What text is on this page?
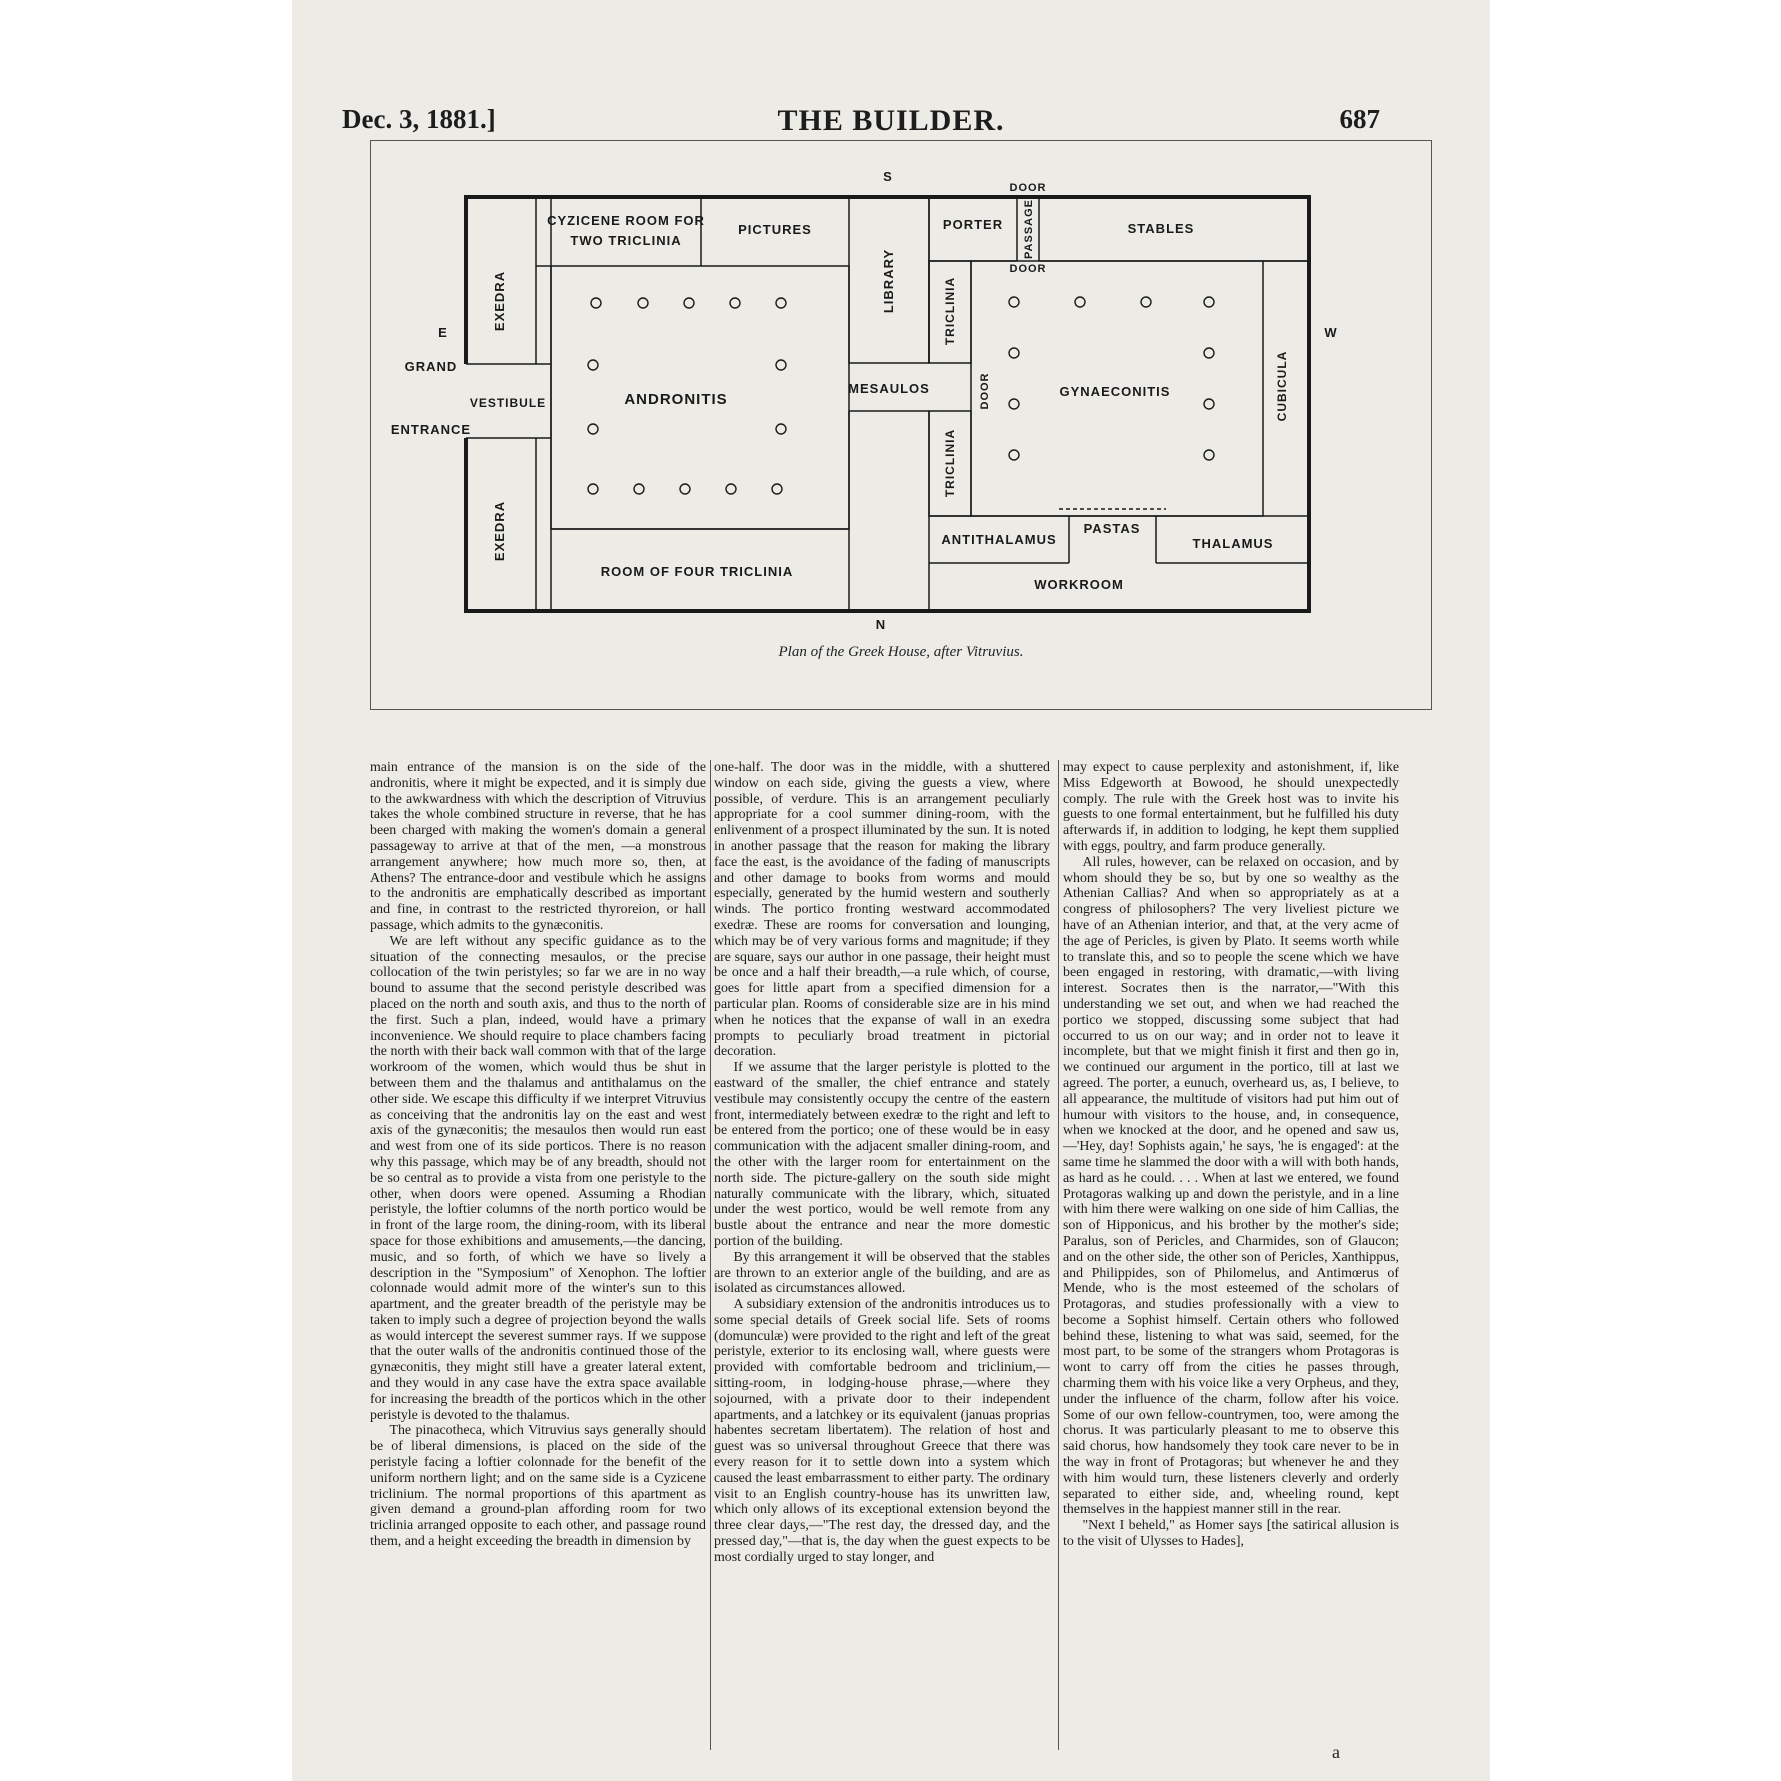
Dec. 3, 1881.]	THE BUILDER.	687
S
N
E	W
CYZICENE ROOM FOR
TWO TRICLINIA
PICTURES
LIBRARY
PORTER PASSAGE
DOOR
DOOR
STABLES
EXEDRA
EXEDRA
GRAND
VESTIBULE
ENTRANCE
ANDRONITIS
MESAULOS
TRICLINIA
TRICLINIA
DOOR	GYNAECONITIS	CUBICULA
ANTITHALAMUS
PASTAS
THALAMUS
ROOM OF FOUR TRICLINIA
WORKROOM
Plan of the Greek House, after Vitruvius.

main entrance of the mansion is on the side of the andronitis, where it might be expected, and it is simply due to the awkwardness with which the description of Vitruvius takes the whole combined structure in reverse, that he has been charged with making the women's domain a general passageway to arrive at that of the men, —a monstrous arrangement anywhere; how much more so, then, at Athens? The entrance-door and vestibule which he assigns to the andronitis are emphatically described as important and fine, in contrast to the restricted thyroreion, or hall passage, which admits to the gynæconitis.

We are left without any specific guidance as to the situation of the connecting mesaulos, or the precise collocation of the twin peristyles; so far we are in no way bound to assume that the second peristyle described was placed on the north and south axis, and thus to the north of the first. Such a plan, indeed, would have a primary inconvenience. We should require to place chambers facing the north with their back wall common with that of the large workroom of the women, which would thus be shut in between them and the thalamus and antithalamus on the other side. We escape this difficulty if we interpret Vitruvius as conceiving that the andronitis lay on the east and west axis of the gynæconitis; the mesaulos then would run east and west from one of its side porticos. There is no reason why this passage, which may be of any breadth, should not be so central as to provide a vista from one peristyle to the other, when doors were opened. Assuming a Rhodian peristyle, the loftier columns of the north portico would be in front of the large room, the dining-room, with its liberal space for those exhibitions and amusements,—the dancing, music, and so forth, of which we have so lively a description in the "Symposium" of Xenophon. The loftier colonnade would admit more of the winter's sun to this apartment, and the greater breadth of the peristyle may be taken to imply such a degree of projection beyond the walls as would intercept the severest summer rays. If we suppose that the outer walls of the andronitis continued those of the gynæconitis, they might still have a greater lateral extent, and they would in any case have the extra space available for increasing the breadth of the porticos which in the other peristyle is devoted to the thalamus.

The pinacotheca, which Vitruvius says generally should be of liberal dimensions, is placed on the side of the peristyle facing a loftier colonnade for the benefit of the uniform northern light; and on the same side is a Cyzicene triclinium. The normal proportions of this apartment as given demand a ground-plan affording room for two triclinia arranged opposite to each other, and passage round them, and a height exceeding the breadth in dimension by

one-half. The door was in the middle, with a shuttered window on each side, giving the guests a view, where possible, of verdure. This is an arrangement peculiarly appropriate for a cool summer dining-room, with the enlivenment of a prospect illuminated by the sun. It is noted in another passage that the reason for making the library face the east, is the avoidance of the fading of manuscripts and other damage to books from worms and mould especially, generated by the humid western and southerly winds. The portico fronting westward accommodated exedræ. These are rooms for conversation and lounging, which may be of very various forms and magnitude; if they are square, says our author in one passage, their height must be once and a half their breadth,—a rule which, of course, goes for little apart from a specified dimension for a particular plan. Rooms of considerable size are in his mind when he notices that the expanse of wall in an exedra prompts to peculiarly broad treatment in pictorial decoration.

If we assume that the larger peristyle is plotted to the eastward of the smaller, the chief entrance and stately vestibule may consistently occupy the centre of the eastern front, intermediately between exedræ to the right and left to be entered from the portico; one of these would be in easy communication with the adjacent smaller dining-room, and the other with the larger room for entertainment on the north side. The picture-gallery on the south side might naturally communicate with the library, which, situated under the west portico, would be well remote from any bustle about the entrance and near the more domestic portion of the building.

By this arrangement it will be observed that the stables are thrown to an exterior angle of the building, and are as isolated as circumstances allowed.

A subsidiary extension of the andronitis introduces us to some special details of Greek social life. Sets of rooms (domunculæ) were provided to the right and left of the great peristyle, exterior to its enclosing wall, where guests were provided with comfortable bedroom and triclinium,—sitting-room, in lodging-house phrase,—where they sojourned, with a private door to their independent apartments, and a latchkey or its equivalent (januas proprias habentes secretam libertatem). The relation of host and guest was so universal throughout Greece that there was every reason for it to settle down into a system which caused the least embarrassment to either party. The ordinary visit to an English country-house has its unwritten law, which only allows of its exceptional extension beyond the three clear days,—"The rest day, the dressed day, and the pressed day,"—that is, the day when the guest expects to be most cordially urged to stay longer, and

may expect to cause perplexity and astonishment, if, like Miss Edgeworth at Bowood, he should unexpectedly comply. The rule with the Greek host was to invite his guests to one formal entertainment, but he fulfilled his duty afterwards if, in addition to lodging, he kept them supplied with eggs, poultry, and farm produce generally.

All rules, however, can be relaxed on occasion, and by whom should they be so, but by one so wealthy as the Athenian Callias? And when so appropriately as at a congress of philosophers? The very liveliest picture we have of an Athenian interior, and that, at the very acme of the age of Pericles, is given by Plato. It seems worth while to translate this, and so to people the scene which we have been engaged in restoring, with dramatic,—with living interest. Socrates then is the narrator,—"With this understanding we set out, and when we had reached the portico we stopped, discussing some subject that had occurred to us on our way; and in order not to leave it incomplete, but that we might finish it first and then go in, we continued our argument in the portico, till at last we agreed. The porter, a eunuch, overheard us, as, I believe, to all appearance, the multitude of visitors had put him out of humour with visitors to the house, and, in consequence, when we knocked at the door, and he opened and saw us,—'Hey, day! Sophists again,' he says, 'he is engaged': at the same time he slammed the door with a will with both hands, as hard as he could. . . . When at last we entered, we found Protagoras walking up and down the peristyle, and in a line with him there were walking on one side of him Callias, the son of Hipponicus, and his brother by the mother's side; Paralus, son of Pericles, and Charmides, son of Glaucon; and on the other side, the other son of Pericles, Xanthippus, and Philippides, son of Philomelus, and Antimœrus of Mende, who is the most esteemed of the scholars of Protagoras, and studies professionally with a view to become a Sophist himself. Certain others who followed behind these, listening to what was said, seemed, for the most part, to be some of the strangers whom Protagoras is wont to carry off from the cities he passes through, charming them with his voice like a very Orpheus, and they, under the influence of the charm, follow after his voice. Some of our own fellow-countrymen, too, were among the chorus. It was particularly pleasant to me to observe this said chorus, how handsomely they took care never to be in the way in front of Protagoras; but whenever he and they with him would turn, these listeners cleverly and orderly separated to either side, and, wheeling round, kept themselves in the happiest manner still in the rear.

"Next I beheld," as Homer says [the satirical allusion is to the visit of Ulysses to Hades],

a
